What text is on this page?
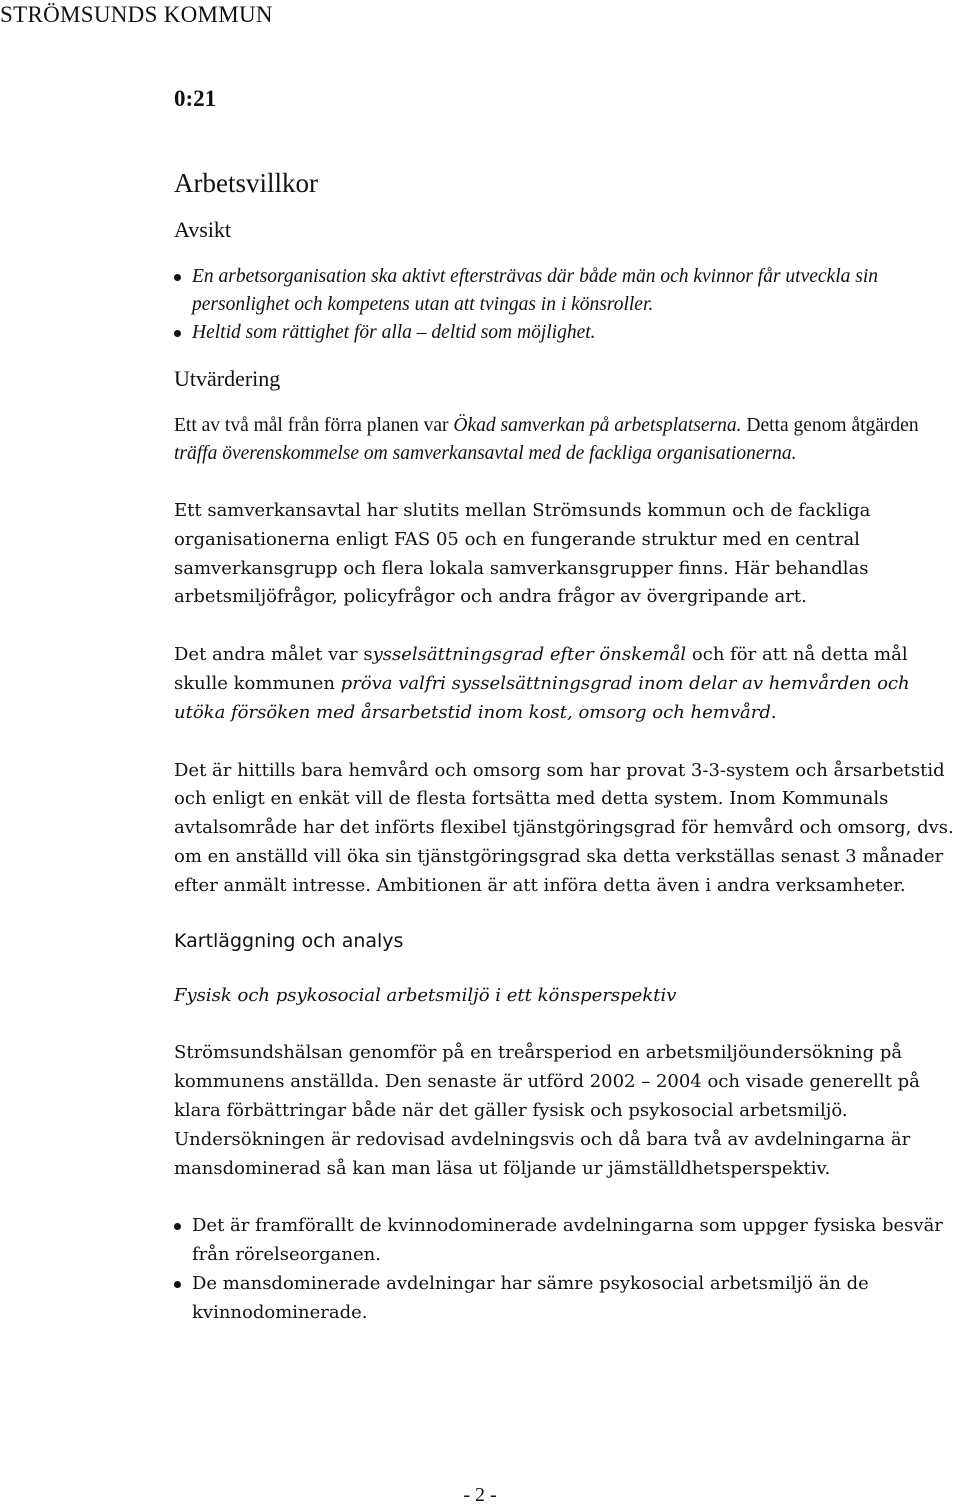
STRÖMSUNDS KOMMUN
0:21
Arbetsvillkor
Avsikt
En arbetsorganisation ska aktivt eftersträvas där både män och kvinnor får utveckla sin personlighet och kompetens utan att tvingas in i könsroller.
Heltid som rättighet för alla – deltid som möjlighet.
Utvärdering

Ett av två mål från förra planen var Ökad samverkan på arbetsplatserna. Detta genom åtgärden träffa överenskommelse om samverkansavtal med de fackliga organisationerna.

Ett samverkansavtal har slutits mellan Strömsunds kommun och de fackliga organisationerna enligt FAS 05 och en fungerande struktur med en central samverkansgrupp och flera lokala samverkansgrupper finns. Här behandlas arbetsmiljöfrågor, policyfrågor och andra frågor av övergripande art.

Det andra målet var sysselsättningsgrad efter önskemål och för att nå detta mål skulle kommunen pröva valfri sysselsättningsgrad inom delar av hemvården och utöka försöken med årsarbetstid inom kost, omsorg och hemvård.

Det är hittills bara hemvård och omsorg som har provat 3-3-system och årsarbetstid och enligt en enkät vill de flesta fortsätta med detta system. Inom Kommunals avtalsområde har det införts flexibel tjänstgöringsgrad för hemvård och omsorg, dvs. om en anställd vill öka sin tjänstgöringsgrad ska detta verkställas senast 3 månader efter anmält intresse. Ambitionen är att införa detta även i andra verksamheter.

Kartläggning och analys

Fysisk och psykosocial arbetsmiljö i ett könsperspektiv

Strömsundshälsan genomför på en treårsperiod en arbetsmiljöundersökning på kommunens anställda. Den senaste är utförd 2002 – 2004 och visade generellt på klara förbättringar både när det gäller fysisk och psykosocial arbetsmiljö. Undersökningen är redovisad avdelningsvis och då bara två av avdelningarna är mansdominerad så kan man läsa ut följande ur jämställdhetsperspektiv.

Det är framförallt de kvinnodominerade avdelningarna som uppger fysiska besvär från rörelseorganen.
De mansdominerade avdelningar har sämre psykosocial arbetsmiljö än de kvinnodominerade.
- 2 -
